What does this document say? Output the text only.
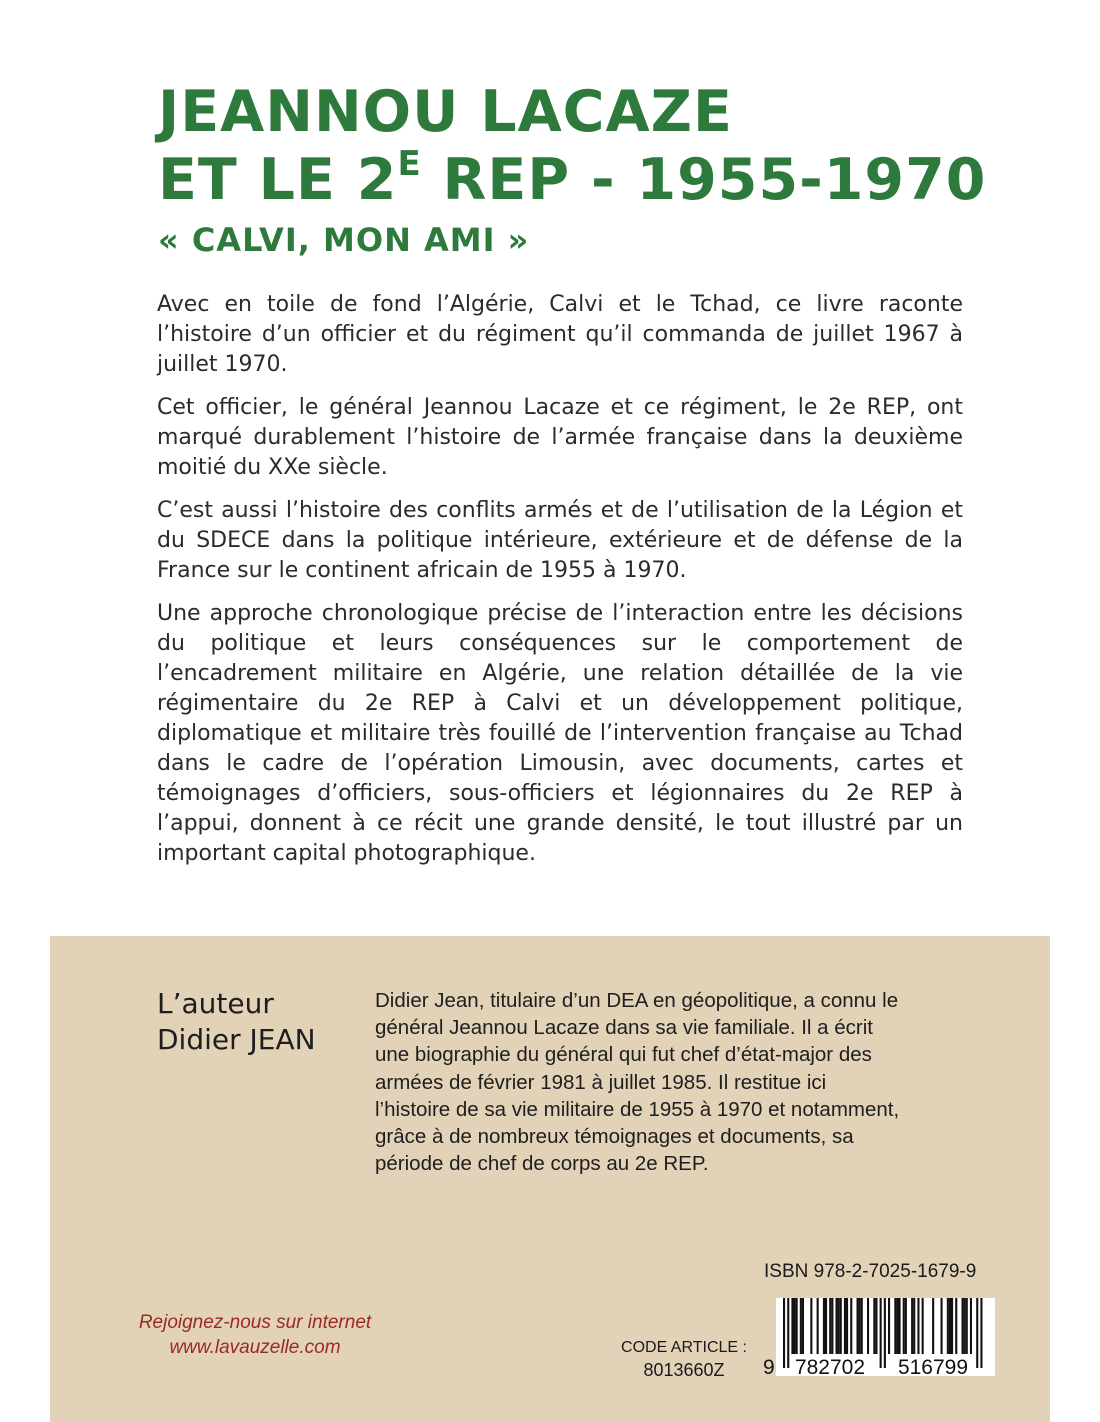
JEANNOU LACAZE
ET LE $2^E$ REP - 1955-1970
« CALVI, MON AMI »

Avec en toile de fond l’Algérie, Calvi et le Tchad, ce livre raconte l’histoire d’un officier et du régiment qu’il commanda de juillet 1967 à juillet 1970.

Cet officier, le général Jeannou Lacaze et ce régiment, le 2e REP, ont marqué durablement l’histoire de l’armée française dans la deuxième moitié du XXe siècle.

C’est aussi l’histoire des conflits armés et de l’utilisation de la Légion et du SDECE dans la politique intérieure, extérieure et de défense de la France sur le continent africain de 1955 à 1970.

Une approche chronologique précise de l’interaction entre les décisions du politique et leurs conséquences sur le comportement de l’encadrement militaire en Algérie, une relation détaillée de la vie régimentaire du 2e REP à Calvi et un développement politique, diplomatique et militaire très fouillé de l’intervention française au Tchad dans le cadre de l’opération Limousin, avec documents, cartes et témoignages d’officiers, sous-officiers et légionnaires du 2e REP à l’appui, donnent à ce récit une grande densité, le tout illustré par un important capital photographique.

L’auteur
Didier JEAN
Didier Jean, titulaire d’un DEA en géopolitique, a connu le général Jeannou Lacaze dans sa vie familiale. Il a écrit une biographie du général qui fut chef d’état-major des armées de février 1981 à juillet 1985. Il restitue ici l’histoire de sa vie militaire de 1955 à 1970 et notamment, grâce à de nombreux témoignages et documents, sa période de chef de corps au 2e REP.
ISBN 978-2-7025-1679-9
Rejoignez-nous sur internet
www.lavauzelle.com	CODE ARTICLE :
8013660Z	9 782702 516799
